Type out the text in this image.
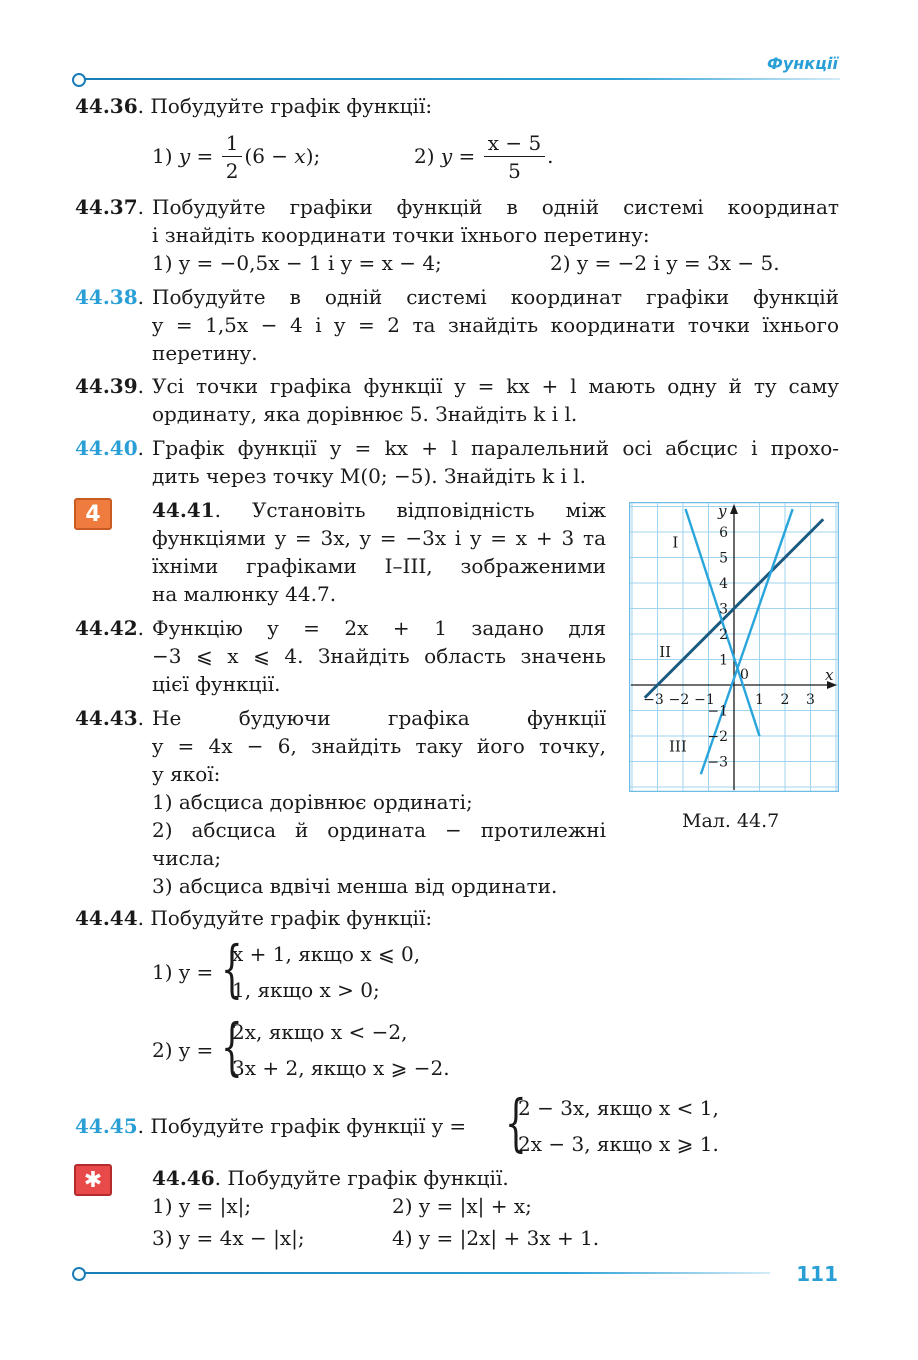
Функції
44.36. Побудуйте графік функції:
1) $y = \frac{1}{2} (6 - x)$;	2) $y = \frac{x - 5}{5}$ .
44.37. Побудуйте графіки функцій в одній системі координат
і знайдіть координати точки їхнього перетину:
1) y = −0,5x − 1 і y = x − 4;	2) y = −2 і y = 3x − 5.
44.38. Побудуйте в одній системі координат графіки функцій
y = 1,5x − 4 і y = 2 та знайдіть координати точки їхнього
перетину.
44.39. Усі точки графіка функції y = kx + l мають одну й ту саму
ординату, яка дорівнює 5. Знайдіть k і l.
44.40. Графік функції y = kx + l паралельний осі абсцис і прохо-
дить через точку M(0; −5). Знайдіть k і l.
4	44.41. Установіть відповідність між
функціями y = 3x, y = −3x і y = x + 3 та
їхніми графіками I–III, зображеними
на малюнку 44.7.
44.42. Функцію y = 2x + 1 задано для
−3 ⩽ x ⩽ 4. Знайдіть область значень
цієї функції.
44.43. Не будуючи графіка функції
y = 4x − 6, знайдіть таку його точку,
у якої:
1) абсциса дорівнює ординаті;
2) абсциса й ордината − протилежні
числа;
3) абсциса вдвічі менша від ординати.
−3 −2 −1	1 2 3
6
5
4
3
2
1
−1
−2
−3
0	x
y
I
II
III
Мал. 44.7
44.44. Побудуйте графік функції:
1) y = {
x + 1, якщо x ⩽ 0,
1, якщо x > 0;
2) y = {
2x, якщо x < −2,
3x + 2, якщо x ⩾ −2.
44.45. Побудуйте графік функції y = {
2 − 3x, якщо x < 1,
2x − 3, якщо x ⩾ 1.
✱	44.46. Побудуйте графік функції.
1) y = |x|;	2) y = |x| + x;
3) y = 4x − |x|;	4) y = |2x| + 3x + 1.
111
